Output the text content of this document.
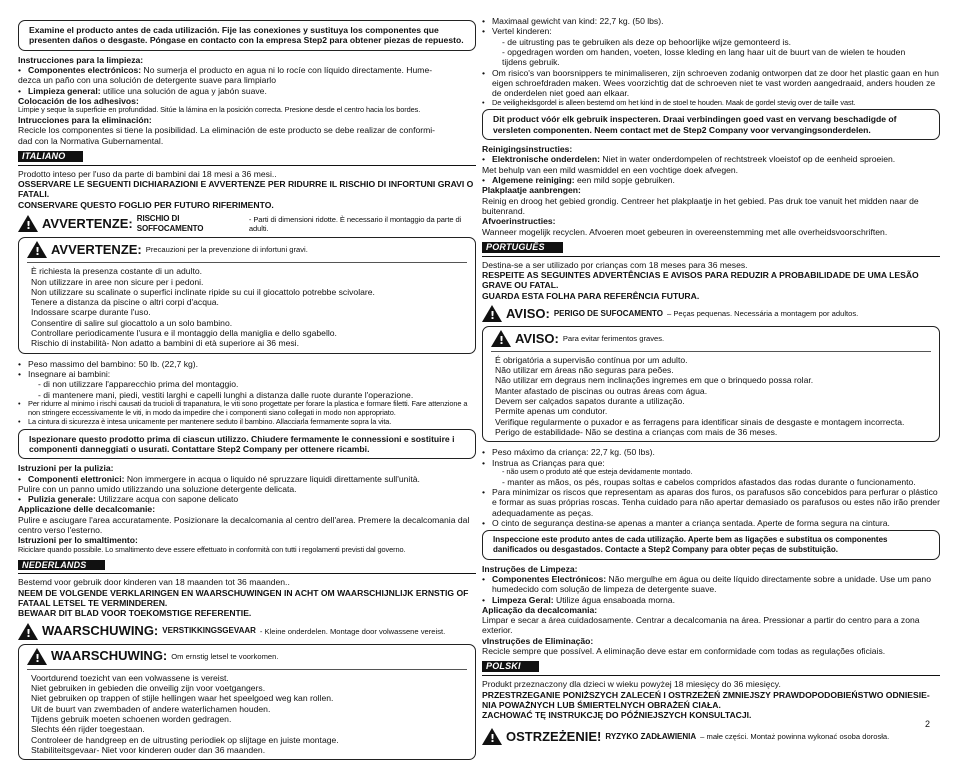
Examine el producto antes de cada utilización. Fije las conexiones y sustituya los componentes que presenten daños o desgaste. Póngase en contacto con la empresa Step2 para obtener piezas de repuesto.
Instrucciones para la limpieza:
• Componentes electrónicos: No sumerja el producto en agua ni lo rocíe con líquido directamente. Hume-
dezca un paño con una solución de detergente suave para limpiarlo
• Limpieza general: utilice una solución de agua y jabón suave.
Colocación de los adhesivos:
Limpie y seque la superficie en profundidad. Sitúe la lámina en la posición correcta. Presione desde el centro hacia los bordes.
Intrucciones para la eliminación:
Recicle los componentes si tiene la posibilidad. La eliminación de este producto se debe realizar de conformi-
dad con la Normativa Gubernamental.
ITALIANO
Prodotto inteso per l'uso da parte di bambini dai 18 mesi a 36 mesi..
OSSERVARE LE SEGUENTI DICHIARAZIONI E AVVERTENZE PER RIDURRE IL RISCHIO DI INFORTUNI GRAVI O FATALI.
CONSERVARE QUESTO FOGLIO PER FUTURO RIFERIMENTO.
!
AVVERTENZE: RISCHIO DI SOFFOCAMENTO
- Parti di dimensioni ridotte. È necessario il montaggio da parte di adulti.
!
AVVERTENZE: Precauzioni per la prevenzione di infortuni gravi.
È richiesta la presenza costante di un adulto.
Non utilizzare in aree non sicure per i pedoni.
Non utilizzare su scalinate o superfici inclinate ripide su cui il giocattolo potrebbe scivolare.
Tenere a distanza da piscine o altri corpi d'acqua.
Indossare scarpe durante l'uso.
Consentire di salire sul giocattolo a un solo bambino.
Controllare periodicamente l'usura e il montaggio della maniglia e dello sgabello.
Rischio di instabilità- Non adatto a bambini di età superiore ai 36 mesi.
• Peso massimo del bambino: 50 lb. (22,7 kg).
• Insegnare ai bambini:
- di non utilizzare l'apparecchio prima del montaggio.
- di mantenere mani, piedi, vestiti larghi e capelli lunghi a distanza dalle ruote durante l'operazione.
• Per ridurre al minimo i rischi causati da trucioli di trapanatura, le viti sono progettate per forare la plastica e formare filetti. Fare attenzione a non stringere eccessivamente le viti, in modo da impedire che i componenti siano collegati in modo non appropriato.
• La cintura di sicurezza è intesa unicamente per mantenere seduto il bambino. Allacciarla fermamente sopra la vita.
Ispezionare questo prodotto prima di ciascun utilizzo. Chiudere fermamente le connessioni e sostituire i componenti danneggiati o usurati. Contattare Step2 Company per ottenere ricambi.
Istruzioni per la pulizia:
• Componenti elettronici: Non immergere in acqua o liquido né spruzzare liquidi direttamente sull'unità.
Pulire con un panno umido utilizzando una soluzione detergente delicata.
• Pulizia generale: Utilizzare acqua con sapone delicato
Applicazione delle decalcomanie:
Pulire e asciugare l'area accuratamente. Posizionare la decalcomania al centro dell'area. Premere la decalcomania dal centro verso l'esterno.
Istruzioni per lo smaltimento:
Riciclare quando possibile. Lo smaltimento deve essere effettuato in conformità con tutti i regolamenti previsti dal governo.
NEDERLANDS
Bestemd voor gebruik door kinderen van 18 maanden tot 36 maanden..
NEEM DE VOLGENDE VERKLARINGEN EN WAARSCHUWINGEN IN ACHT OM WAARSCHIJNLIJK ERNSTIG OF FATAAL LETSEL TE VERMINDEREN.
BEWAAR DIT BLAD VOOR TOEKOMSTIGE REFERENTIE.
!
WAARSCHUWING: VERSTIKKINGSGEVAAR - Kleine onderdelen. Montage door volwassene vereist.
!
WAARSCHUWING: Om ernstig letsel te voorkomen.
Voortdurend toezicht van een volwassene is vereist.
Niet gebruiken in gebieden die onveilig zijn voor voetgangers.
Niet gebruiken op trappen of stijle hellingen waar het speelgoed weg kan rollen.
Uit de buurt van zwembaden of andere waterlichamen houden.
Tijdens gebruik moeten schoenen worden gedragen.
Slechts één rijder toegestaan.
Controleer de handgreep en de uitrusting periodiek op slijtage en juiste montage.
Stabiliteitsgevaar- Niet voor kinderen ouder dan 36 maanden.
• Maximaal gewicht van kind: 22,7 kg. (50 lbs).
• Vertel kinderen:
- de uitrusting pas te gebruiken als deze op behoorlijke wijze gemonteerd is.
- opgedragen worden om handen, voeten, losse kleding en lang haar uit de buurt van de wielen te houden
tijdens gebruik.
• Om risico's van boorsnippers te minimaliseren, zijn schroeven zodanig ontworpen dat ze door het plastic gaan en hun eigen schroefdraden maken. Wees voorzichtig dat de schroeven niet te vast worden aangedraaid, anders houden ze de onderdelen niet goed aan elkaar.
• De veiligheidsgordel is alleen bestemd om het kind in de stoel te houden. Maak de gordel stevig over de taille vast.
Dit product vóór elk gebruik inspecteren. Draai verbindingen goed vast en vervang beschadigde of versleten componenten. Neem contact met de Step2 Company voor vervangingsonderdelen.
Reinigingsinstructies:
• Elektronische onderdelen: Niet in water onderdompelen of rechtstreek vloeistof op de eenheid sproeien.
Met behulp van een mild wasmiddel en een vochtige doek afvegen.
• Algemene reiniging: een mild sopje gebruiken.
Plakplaatje aanbrengen:
Reinig en droog het gebied grondig. Centreer het plakplaatje in het gebied. Pas druk toe vanuit het midden naar de buitenrand.
Afvoerinstructies:
Wanneer mogelijk recyclen. Afvoeren moet gebeuren in overeenstemming met alle overheidsvoorschriften.
PORTUGUÊS
Destina-se a ser utilizado por crianças com 18 meses para 36 meses.
RESPEITE AS SEGUINTES ADVERTÊNCIAS E AVISOS PARA REDUZIR A PROBABILIDADE DE UMA LESÃO GRAVE OU FATAL.
GUARDA ESTA FOLHA PARA REFERÊNCIA FUTURA.
!
AVISO: PERIGO DE SUFOCAMENTO – Peças pequenas. Necessária a montagem por adultos.
!
AVISO: Para evitar ferimentos graves.
É obrigatória a supervisão contínua por um adulto.
Não utilizar em áreas não seguras para peões.
Não utilizar em degraus nem inclinações ingremes em que o brinquedo possa rolar.
Manter afastado de piscinas ou outras áreas com água.
Devem ser calçados sapatos durante a utilização.
Permite apenas um condutor.
Verifique regularmente o puxador e as ferragens para identificar sinais de desgaste e montagem incorrecta.
Perigo de estabilidade- Não se destina a crianças com mais de 36 meses.
• Peso máximo da criança: 22,7 kg. (50 lbs).
• Instrua as Crianças para que:
- não usem o produto até que esteja devidamente montado.
- manter as mãos, os pés, roupas soltas e cabelos compridos afastados das rodas durante o funcionamento.
• Para minimizar os riscos que representam as aparas dos furos, os parafusos são concebidos para perfurar o plástico e formar as suas próprias roscas. Tenha cuidado para não apertar demasiado os parafusos ou estes não irão prender adequadamente as peças.
• O cinto de segurança destina-se apenas a manter a criança sentada. Aperte de forma segura na cintura.
Inspeccione este produto antes de cada utilização. Aperte bem as ligações e substitua os componentes danificados ou desgastados. Contacte a Step2 Company para obter peças de substituição.
Instruções de Limpeza:
• Componentes Electrónicos: Não mergulhe em água ou deite líquido directamente sobre a unidade. Use um pano humedecido com solução de limpeza de detergente suave.
• Limpeza Geral: Utilize água ensaboada morna.
Aplicação da decalcomania:
Limpar e secar a área cuidadosamente. Centrar a decalcomania na área. Pressionar a partir do centro para a zona exterior.
vInstruções de Eliminação:
Recicle sempre que possível. A eliminação deve estar em conformidade com todas as regulações oficiais.
POLSKI
Produkt przeznaczony dla dzieci w wieku powyżej 18 miesięcy do 36 miesięcy.
PRZESTRZEGANIE PONIŻSZYCH ZALECEŃ I OSTRZEŻEŃ ZMNIEJSZY PRAWDOPODOBIEŃSTWO ODNIESIE-NIA POWAŻNYCH LUB ŚMIERTELNYCH OBRAŻEŃ CIAŁA.
ZACHOWAĆ TĘ INSTRUKCJĘ DO PÓŹNIEJSZYCH KONSULTACJI.
!
OSTRZEŻENIE! RYZYKO ZADŁAWIENIA – małe części. Montaż powinna wykonać osoba dorosła.
2
